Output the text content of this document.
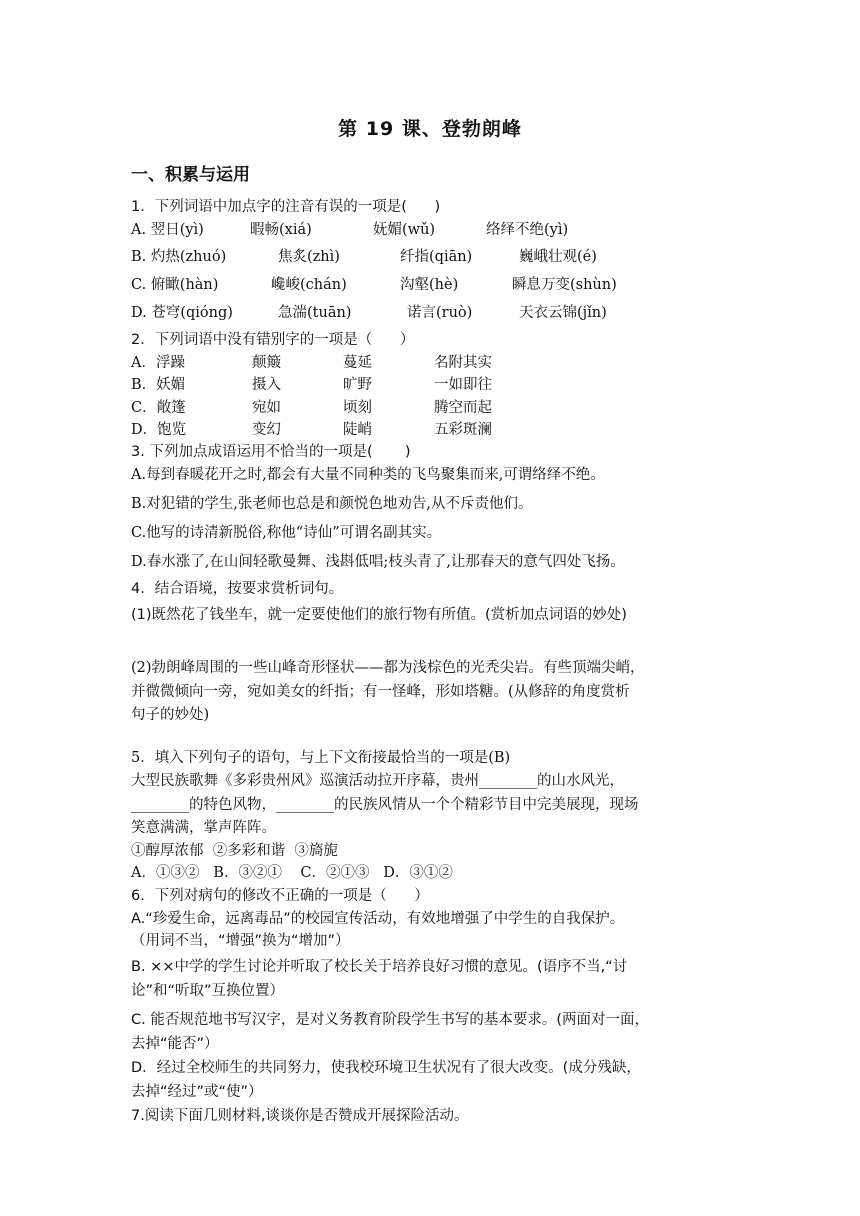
第 19 课、登勃朗峰
一、积累与运用
1．下列词语中加点字的注音有误的一项是(      )
A. 翌日(yì)	暇畅(xiá)	妩媚(wǔ)	络绎不绝(yì)
B. 灼热(zhuó)	焦炙(zhì)	纤指(qiān)	巍峨壮观(é)
C. 俯瞰(hàn)	巉峻(chán)	沟壑(hè)	瞬息万变(shùn)
D. 苍穹(qióng)	急湍(tuān)	诺言(ruò)	天衣云锦(jǐn)
2．下列词语中没有错别字的一项是（      ）
A．浮躁	颠簸	蔓延	名附其实
B．妖媚	摄入	旷野	一如即往
C．敞篷	宛如	顷刻	腾空而起
D．饱览	变幻	陡峭	五彩斑澜
3. 下列加点成语运用不恰当的一项是(       )
A.每到春暖花开之时,都会有大量不同种类的飞鸟聚集而来,可谓络绎不绝。
B.对犯错的学生,张老师也总是和颜悦色地劝告,从不斥责他们。
C.他写的诗清新脱俗,称他“诗仙”可谓名副其实。
D.春水涨了,在山间轻歌曼舞、浅斟低唱;枝头青了,让那春天的意气四处飞扬。
4．结合语境，按要求赏析词句。
(1)既然花了钱坐车，就一定要使他们的旅行物有所值。(赏析加点词语的妙处)
(2)勃朗峰周围的一些山峰奇形怪状——都为浅棕色的光秃尖岩。有些顶端尖峭，
并微微倾向一旁，宛如美女的纤指；有一怪峰，形如塔糖。(从修辞的角度赏析
句子的妙处)
5．填入下列句子的语句，与上下文衔接最恰当的一项是(B)
大型民族歌舞《多彩贵州风》巡演活动拉开序幕，贵州________的山水风光，
________的特色风物，________的民族风情从一个个精彩节目中完美展现，现场
笑意满满，掌声阵阵。
①醇厚浓郁  ②多彩和谐  ③旖旎
A．①③②   B．③②①    C．②①③   D．③①②
6．下列对病句的修改不正确的一项是（      ）
A.“珍爱生命，远离毒品”的校园宣传活动，有效地增强了中学生的自我保护。
（用词不当，“增强”换为“增加”）
B. ××中学的学生讨论并听取了校长关于培养良好习惯的意见。(语序不当,“讨
论”和“听取”互换位置）
C. 能否规范地书写汉字，是对义务教育阶段学生书写的基本要求。(两面对一面，
去掉“能否”）
D．经过全校师生的共同努力，使我校环境卫生状况有了很大改变。(成分残缺，
去掉“经过”或“使”）
7.阅读下面几则材料,谈谈你是否赞成开展探险活动。
